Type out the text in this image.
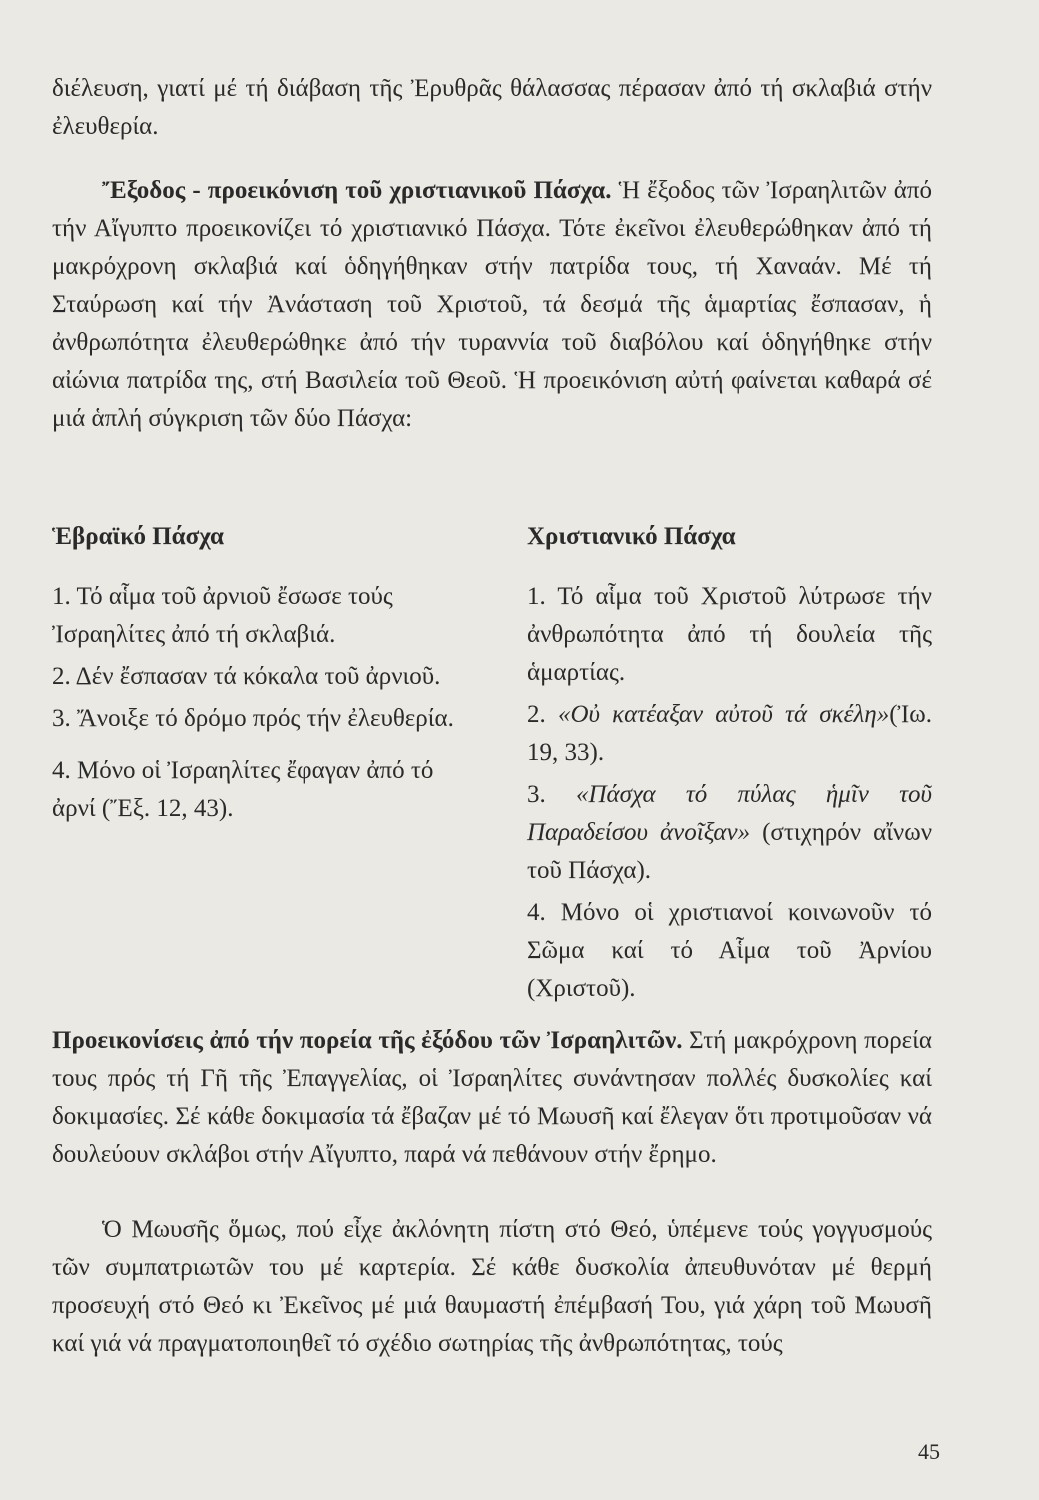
διέλευση, γιατί μέ τή διάβαση τῆς Ἐρυθρᾶς θάλασσας πέρασαν ἀπό τή σκλαβιά στήν ἐλευθερία.

Ἔξοδος - προεικόνιση τοῦ χριστιανικοῦ Πάσχα. Ἡ ἔξοδος τῶν Ἰσραηλιτῶν ἀπό τήν Αἴγυπτο προεικονίζει τό χριστιανικό Πάσχα. Τότε ἐκεῖνοι ἐλευθερώθηκαν ἀπό τή μακρόχρονη σκλαβιά καί ὁδηγήθηκαν στήν πατρίδα τους, τή Χαναάν. Μέ τή Σταύρωση καί τήν Ἀνάσταση τοῦ Χριστοῦ, τά δεσμά τῆς ἁμαρτίας ἔσπασαν, ἡ ἀνθρωπότητα ἐλευθερώθηκε ἀπό τήν τυραννία τοῦ διαβόλου καί ὁδηγήθηκε στήν αἰώνια πατρίδα της, στή Βασιλεία τοῦ Θεοῦ. Ἡ προεικόνιση αὐτή φαίνεται καθαρά σέ μιά ἁπλή σύγκριση τῶν δύο Πάσχα:

Ἑβραϊκό Πάσχα

1. Τό αἷμα τοῦ ἀρνιοῦ ἔσωσε τούς Ἰσραηλίτες ἀπό τή σκλαβιά.

2. Δέν ἔσπασαν τά κόκαλα τοῦ ἀρνιοῦ.

3. Ἄνοιξε τό δρόμο πρός τήν ἐλευθερία.

4. Μόνο οἱ Ἰσραηλίτες ἔφαγαν ἀπό τό ἀρνί (Ἔξ. 12, 43).

Χριστιανικό Πάσχα

1. Τό αἷμα τοῦ Χριστοῦ λύτρωσε τήν ἀνθρωπότητα ἀπό τή δουλεία τῆς ἁμαρτίας.

2. «Οὐ κατέαξαν αὐτοῦ τά σκέλη»(Ἰω. 19, 33).

3. «Πάσχα τό πύλας ἡμῖν τοῦ Παραδείσου ἀνοῖξαν» (στιχηρόν αἴνων τοῦ Πάσχα).

4. Μόνο οἱ χριστιανοί κοινωνοῦν τό Σῶμα καί τό Αἷμα τοῦ Ἀρνίου (Χριστοῦ).

Προεικονίσεις ἀπό τήν πορεία τῆς ἐξόδου τῶν Ἰσραηλιτῶν. Στή μακρόχρονη πορεία τους πρός τή Γῆ τῆς Ἐπαγγελίας, οἱ Ἰσραηλίτες συνάντησαν πολλές δυσκολίες καί δοκιμασίες. Σέ κάθε δοκιμασία τά ἔβαζαν μέ τό Μωυσῆ καί ἔλεγαν ὅτι προτιμοῦσαν νά δουλεύουν σκλάβοι στήν Αἴγυπτο, παρά νά πεθάνουν στήν ἔρημο.

Ὁ Μωυσῆς ὅμως, πού εἶχε ἀκλόνητη πίστη στό Θεό, ὑπέμενε τούς γογγυσμούς τῶν συμπατριωτῶν του μέ καρτερία. Σέ κάθε δυσκολία ἀπευθυνόταν μέ θερμή προσευχή στό Θεό κι Ἐκεῖνος μέ μιά θαυμαστή ἐπέμβασή Του, γιά χάρη τοῦ Μωυσῆ καί γιά νά πραγματοποιηθεῖ τό σχέδιο σωτηρίας τῆς ἀνθρωπότητας, τούς

45
